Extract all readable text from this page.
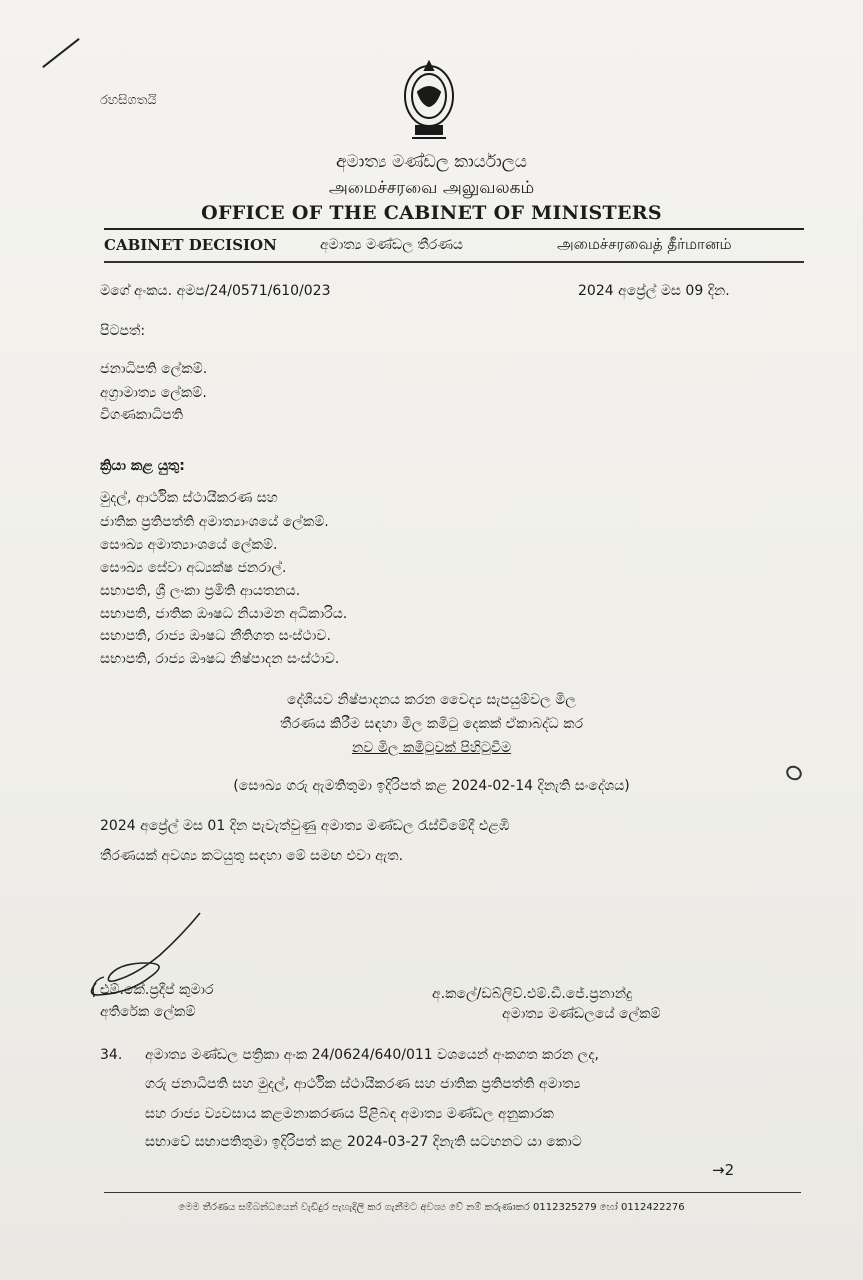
රහසිගතයි
අමාත්‍ය මණ්ඩල කාර්යාලය
அமைச்சரவை அலுவலகம்
OFFICE OF THE CABINET OF MINISTERS
CABINET DECISION	අමාත්‍ය මණ්ඩල තීරණය	அமைச்சரவைத் தீர்மானம்
මගේ අංකය. අමප/24/0571/610/023	2024 අප්‍රේල් මස 09 දින.
පිටපත්:
ජනාධිපති ලේකම්.
අග්‍රාමාත්‍ය ලේකම්.
විගණකාධිපති
ක්‍රියා කළ යුතු:
මුදල්, ආර්ථික ස්ථායීකරණ සහ
ජාතික ප්‍රතිපත්ති අමාත්‍යාංශයේ ලේකම්.
සෞඛ්‍ය අමාත්‍යාංශයේ ලේකම්.
සෞඛ්‍ය සේවා අධ්‍යක්ෂ ජනරාල්.
සභාපති, ශ්‍රී ලංකා ප්‍රමිති ආයතනය.
සභාපති, ජාතික ඖෂධ නියාමන අධිකාරිය.
සභාපති, රාජ්‍ය ඖෂධ නීතිගත සංස්ථාව.
සභාපති, රාජ්‍ය ඖෂධ නිෂ්පාදන සංස්ථාව.
දේශීයව නිෂ්පාදනය කරන වෛද්‍ය සැපයුම්වල මිල
තීරණය කිරීම සඳහා මිල කමිටු දෙකක් ඒකාබද්ධ කර
නව මිල කමිටුවක් පිහිටුවීම
(සෞඛ්‍ය ගරු ඇමතිතුමා ඉදිරිපත් කළ 2024-02-14 දිනැති සංදේශය)
2024 අප්‍රේල් මස 01 දින පැවැත්වුණු අමාත්‍ය මණ්ඩල රැස්වීමේදී එළඹි
තීරණයක් අවශ්‍ය කටයුතු සඳහා මේ සමඟ එවා ඇත.
එම්.කේ.ප්‍රදීප් කුමාර
අතිරේක ලේකම්
අ.කලේ/ඩබ්ලිව්.එම්.ඩී.ජේ.ප්‍රනාන්දු
අමාත්‍ය මණ්ඩලයේ ලේකම්
34. අමාත්‍ය මණ්ඩල පත්‍රිකා අංක 24/0624/640/011 වශයෙන් අංකගත කරන ලද,
ගරු ජනාධිපති සහ මුදල්, ආර්ථික ස්ථායීකරණ සහ ජාතික ප්‍රතිපත්ති අමාත්‍ය
සහ රාජ්‍ය ව්‍යවසාය කළමනාකරණය පිළිබඳ අමාත්‍ය මණ්ඩල අනුකාරක
සභාවේ සභාපතිතුමා ඉදිරිපත් කළ 2024-03-27 දිනැති සටහනට යා කොට
→2
මෙම තීරණය සම්බන්ධයෙන් වැඩිදුර පැහැදිලි කර ගැනීමට අවශ්‍ය වේ නම් කරුණාකර 0112325279 හෝ 0112422276
